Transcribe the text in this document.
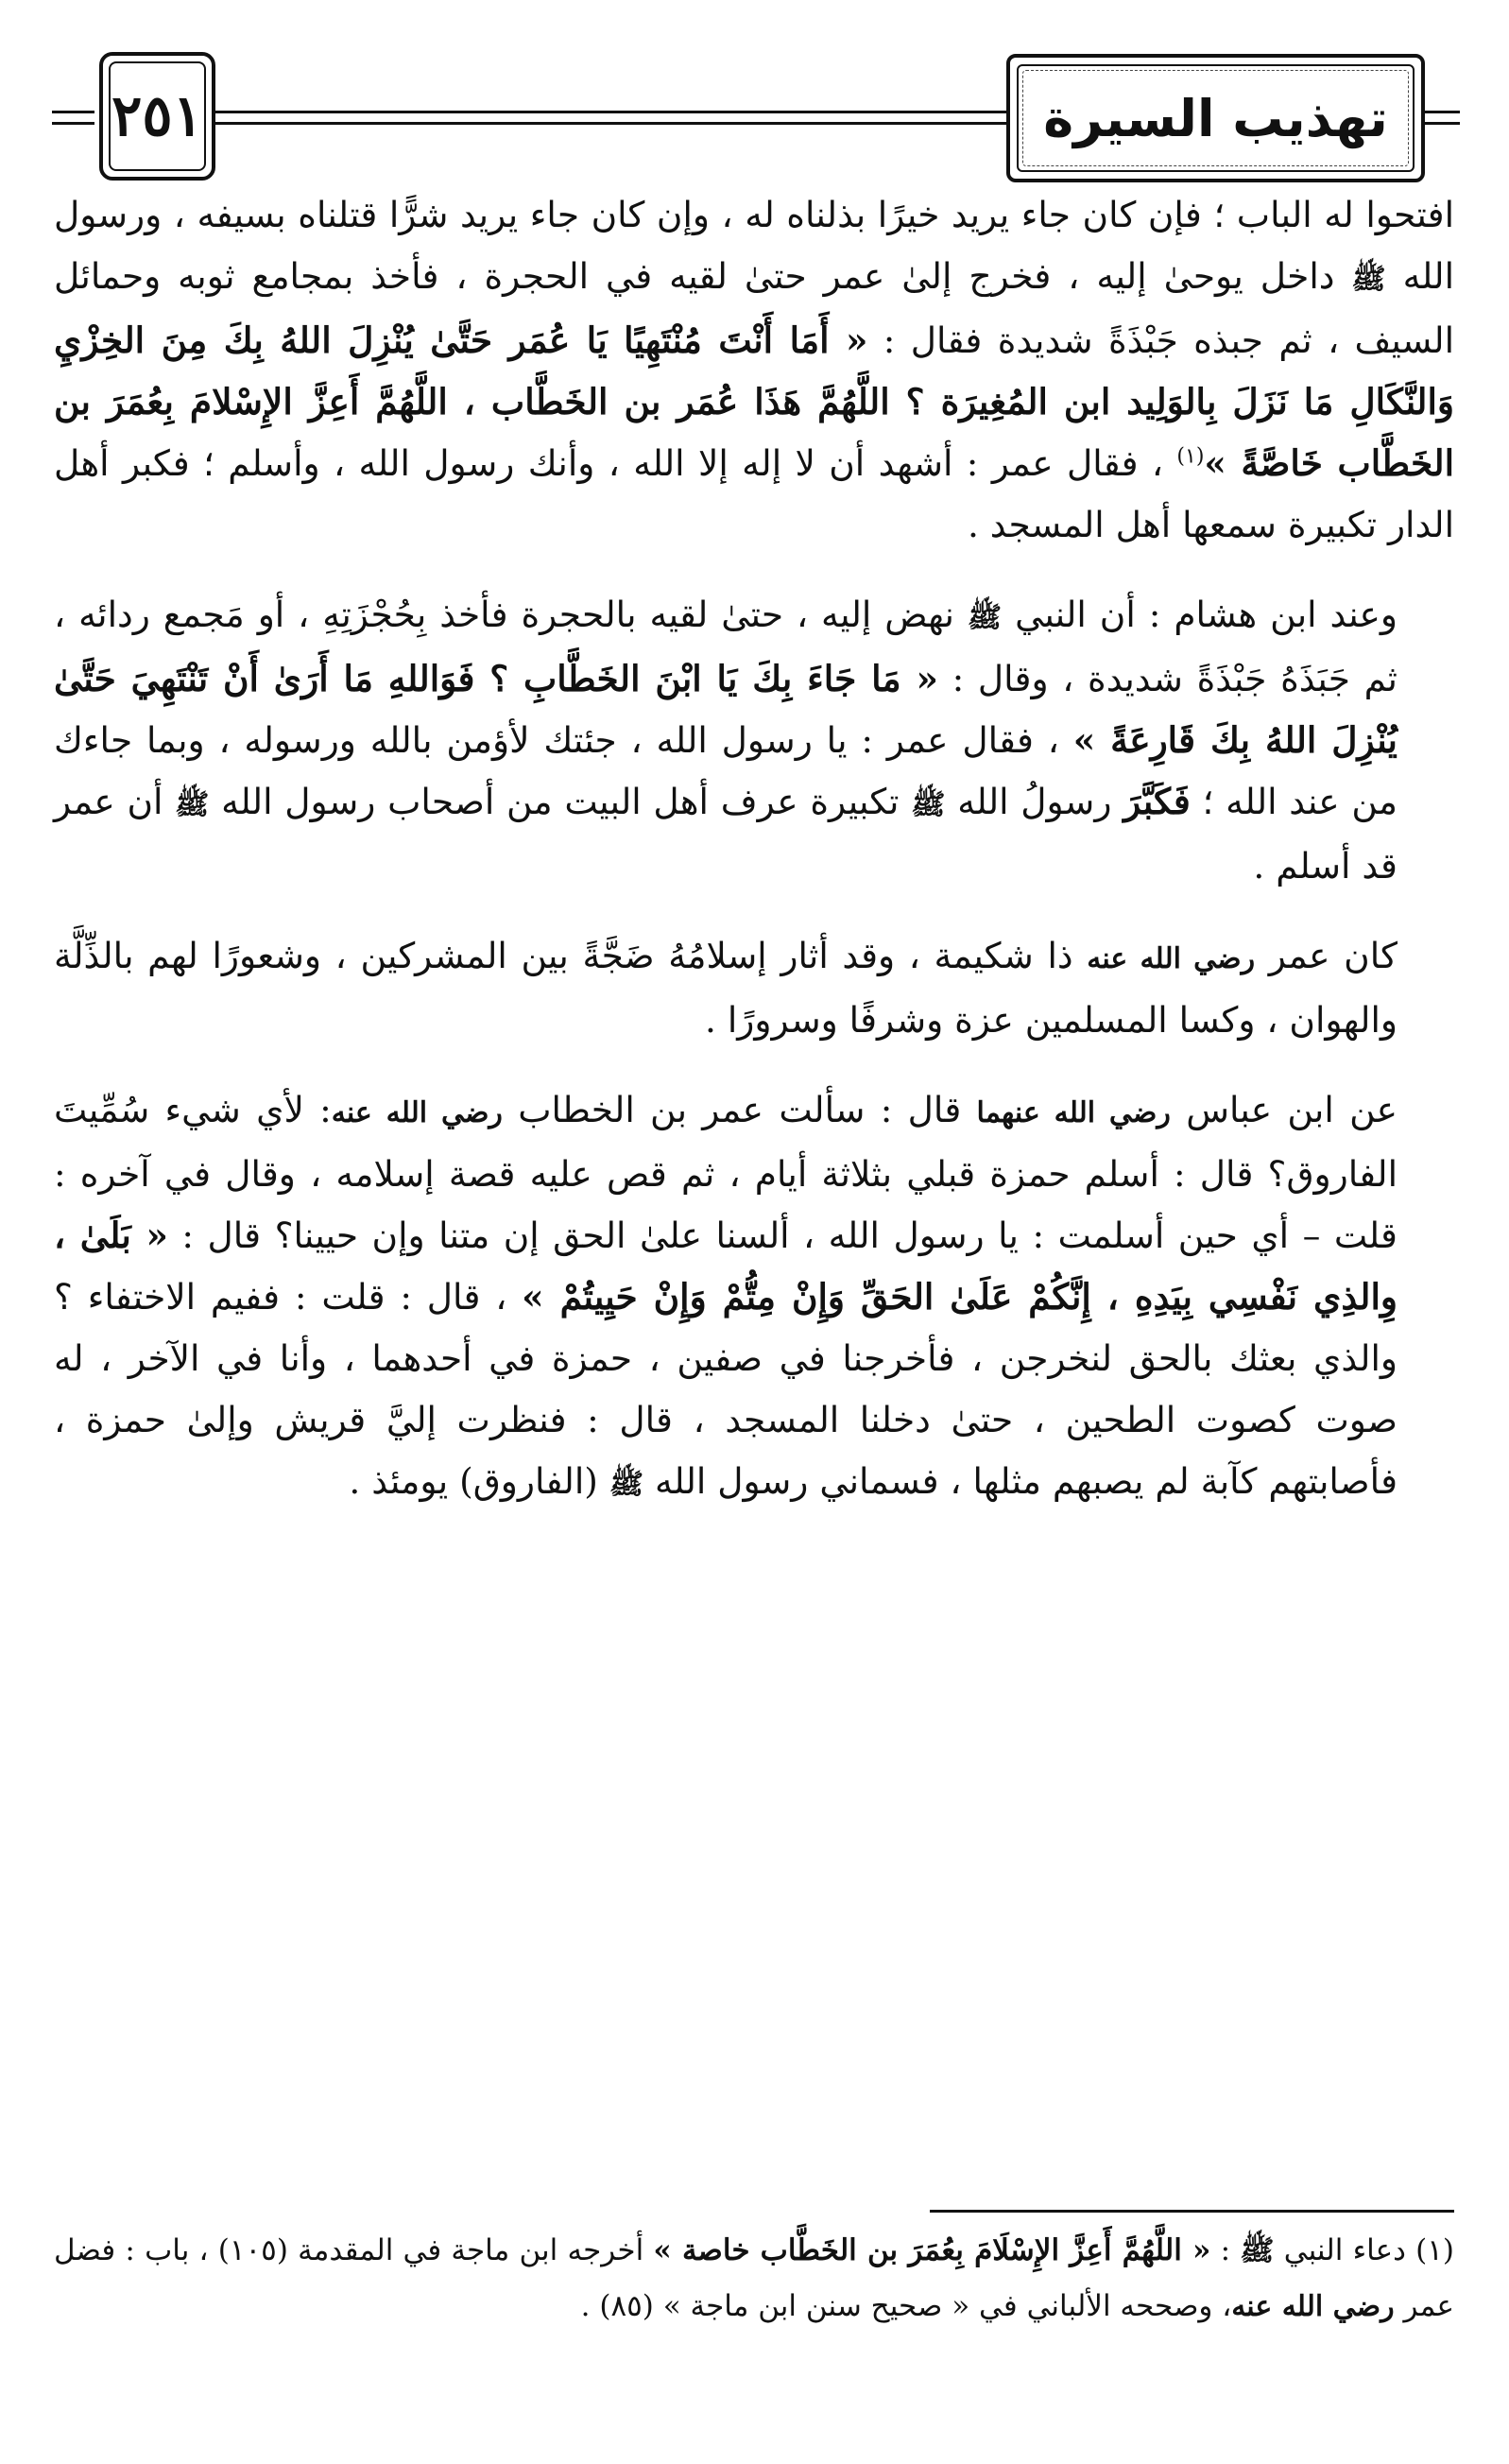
٢٥١	تهذيب السيرة

افتحوا له الباب ؛ فإن كان جاء يريد خيرًا بذلناه له ، وإن كان جاء يريد شرًّا قتلناه بسيفه ، ورسول الله ﷺ داخل يوحىٰ إليه ، فخرج إلىٰ عمر حتىٰ لقيه في الحجرة ، فأخذ بمجامع ثوبه وحمائل السيف ، ثم جبذه جَبْذَةً شديدة فقال : « أَمَا أَنْتَ مُنْتَهِيًا يَا عُمَر حَتَّىٰ يُنْزِلَ اللهُ بِكَ مِنَ الخِزْيِ وَالنَّكَالِ مَا نَزَلَ بِالوَلِيد ابن المُغِيرَة ؟ اللَّهُمَّ هَذَا عُمَر بن الخَطَّاب ، اللَّهُمَّ أَعِزَّ الإِسْلامَ بِعُمَرَ بن الخَطَّاب خَاصَّةً »$^{(١)}$ ، فقال عمر : أشهد أن لا إله إلا الله ، وأنك رسول الله ، وأسلم ؛ فكبر أهل الدار تكبيرة سمعها أهل المسجد .

وعند ابن هشام : أن النبي ﷺ نهض إليه ، حتىٰ لقيه بالحجرة فأخذ بِحُجْزَتِهِ ، أو مَجمع ردائه ، ثم جَبَذَهُ جَبْذَةً شديدة ، وقال : « مَا جَاءَ بِكَ يَا ابْنَ الخَطَّابِ ؟ فَوَاللهِ مَا أَرَىٰ أَنْ تَنْتَهِيَ حَتَّىٰ يُنْزِلَ اللهُ بِكَ قَارِعَةً » ، فقال عمر : يا رسول الله ، جئتك لأؤمن بالله ورسوله ، وبما جاءك من عند الله ؛ فَكَبَّرَ رسولُ الله ﷺ تكبيرة عرف أهل البيت من أصحاب رسول الله ﷺ أن عمر قد أسلم .

كان عمر رضي الله عنه ذا شكيمة ، وقد أثار إسلامُهُ ضَجَّةً بين المشركين ، وشعورًا لهم بالذِّلَّة والهوان ، وكسا المسلمين عزة وشرفًا وسرورًا .

عن ابن عباس رضي الله عنهما قال : سألت عمر بن الخطاب رضي الله عنه: لأي شيء سُمِّيتَ الفاروق؟ قال : أسلم حمزة قبلي بثلاثة أيام ، ثم قص عليه قصة إسلامه ، وقال في آخره : قلت – أي حين أسلمت : يا رسول الله ، ألسنا علىٰ الحق إن متنا وإن حيينا؟ قال : « بَلَىٰ ، وِالذِي نَفْسِي بِيَدِهِ ، إِنَّكُمْ عَلَىٰ الحَقِّ وَإِنْ مِتُّمْ وَإِنْ حَيِيتُمْ » ، قال : قلت : ففيم الاختفاء ؟ والذي بعثك بالحق لنخرجن ، فأخرجنا في صفين ، حمزة في أحدهما ، وأنا في الآخر ، له صوت كصوت الطحين ، حتىٰ دخلنا المسجد ، قال : فنظرت إليَّ قريش وإلىٰ حمزة ، فأصابتهم كآبة لم يصبهم مثلها ، فسماني رسول الله ﷺ (الفاروق) يومئذ .

(١) دعاء النبي ﷺ : « اللَّهُمَّ أَعِزَّ الإِسْلَامَ بِعُمَرَ بن الخَطَّاب خاصة » أخرجه ابن ماجة في المقدمة (١٠٥) ، باب : فضل عمر رضي الله عنه، وصححه الألباني في « صحيح سنن ابن ماجة » (٨٥) .
